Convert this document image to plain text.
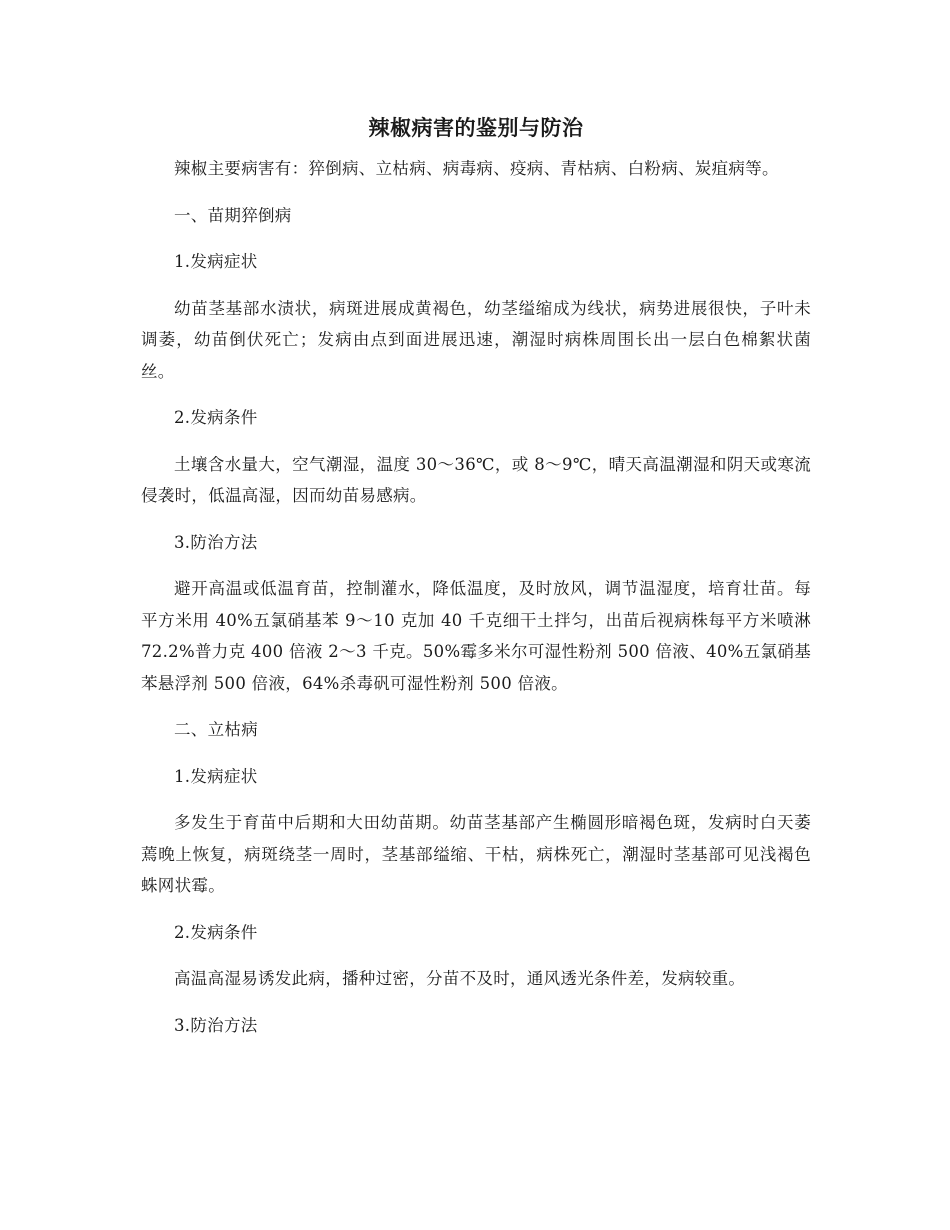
辣椒病害的鉴别与防治

辣椒主要病害有：猝倒病、立枯病、病毒病、疫病、青枯病、白粉病、炭疽病等。

一、苗期猝倒病

1.发病症状

幼苗茎基部水渍状，病斑进展成黄褐色，幼茎缢缩成为线状，病势进展很快，子叶未调萎，幼苗倒伏死亡；发病由点到面进展迅速，潮湿时病株周围长出一层白色棉絮状菌丝。

2.发病条件

土壤含水量大，空气潮湿，温度 30～36℃，或 8～9℃，晴天高温潮湿和阴天或寒流侵袭时，低温高湿，因而幼苗易感病。

3.防治方法

避开高温或低温育苗，控制灌水，降低温度，及时放风，调节温湿度，培育壮苗。每平方米用 40%五氯硝基苯 9～10 克加 40 千克细干土拌匀，出苗后视病株每平方米喷淋 72.2%普力克 400 倍液 2～3 千克。50%霉多米尔可湿性粉剂 500 倍液、40%五氯硝基苯悬浮剂 500 倍液，64%杀毒矾可湿性粉剂 500 倍液。

二、立枯病

1.发病症状

多发生于育苗中后期和大田幼苗期。幼苗茎基部产生椭圆形暗褐色斑，发病时白天萎蔫晚上恢复，病斑绕茎一周时，茎基部缢缩、干枯，病株死亡，潮湿时茎基部可见浅褐色蛛网状霉。

2.发病条件

高温高湿易诱发此病，播种过密，分苗不及时，通风透光条件差，发病较重。

3.防治方法
